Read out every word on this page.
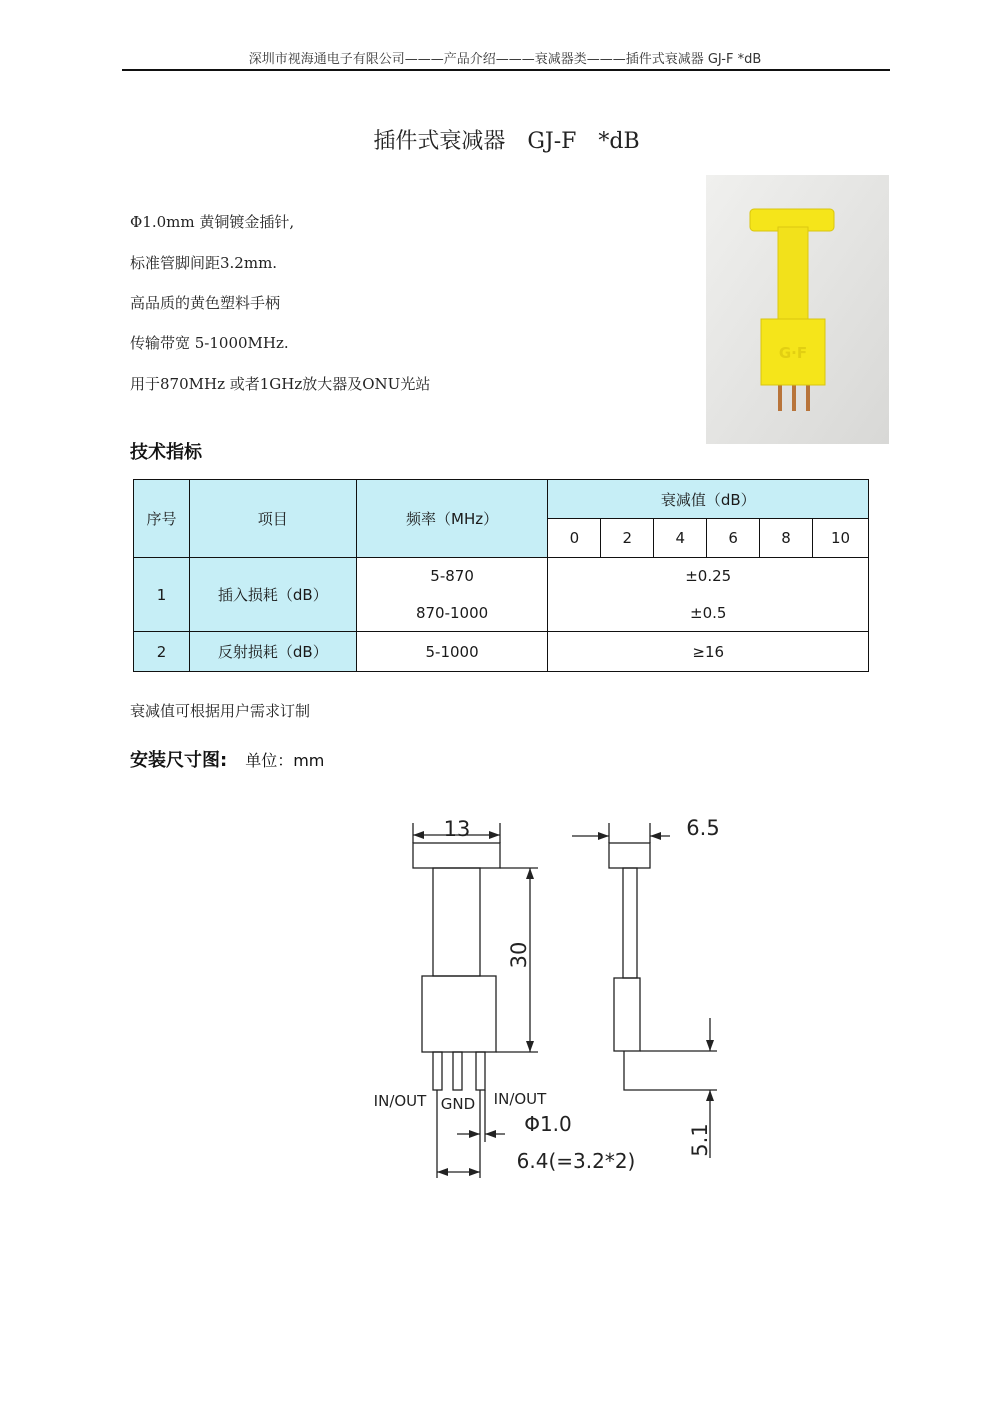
深圳市视海通电子有限公司———产品介绍———衰减器类———插件式衰减器 GJ-F *dB
插件式衰减器 GJ-F *dB
Φ1.0mm 黄铜镀金插针,
标准管脚间距3.2mm.
高品质的黄色塑料手柄
传输带宽 5-1000MHz.
用于870MHz 或者1GHz放大器及ONU光站
G·F
技术指标
序号	项目	频率（MHz）	衰减值（dB）					
			0	2	4	6	8	10
1	插入损耗（dB）	5-870	±0.25					
		870-1000	±0.5					
2	反射损耗（dB）	5-1000	≥16					
衰减值可根据用户需求订制
安装尺寸图: 单位：mm
13	6.5
30
5.1
IN/OUT GND IN/OUT
Φ1.0
6.4(=3.2*2)
